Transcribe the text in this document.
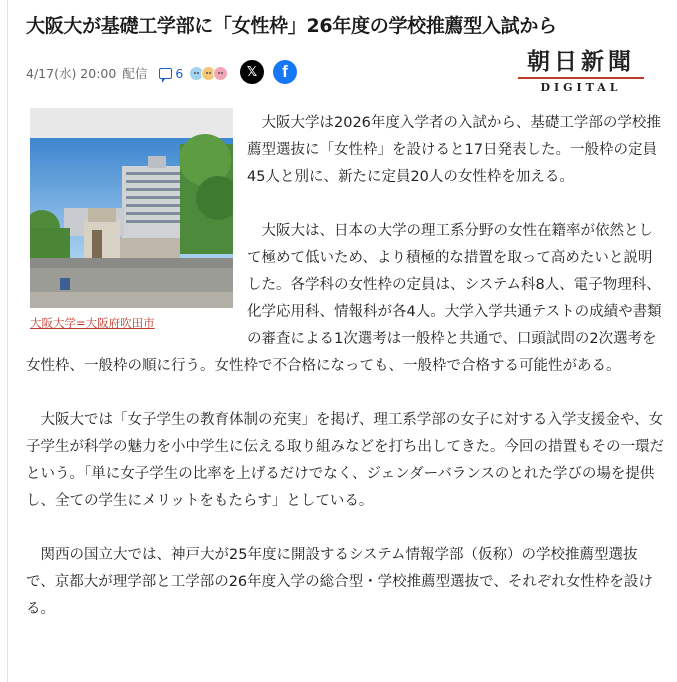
大阪大が基礎工学部に「女性枠」26年度の学校推薦型入試から
4/17(水) 20:00 配信 6	𝕏 f	朝日新聞
DIGITAL
大阪大学=大阪府吹田市

大阪大学は2026年度入学者の入試から、基礎工学部の学校推薦型選抜に「女性枠」を設けると17日発表した。一般枠の定員45人と別に、新たに定員20人の女性枠を加える。

大阪大は、日本の大学の理工系分野の女性在籍率が依然として極めて低いため、より積極的な措置を取って高めたいと説明した。各学科の女性枠の定員は、システム科8人、電子物理科、化学応用科、情報科が各4人。大学入学共通テストの成績や書類の審査による1次選考は一般枠と共通で、口頭試問の2次選考を女性枠、一般枠の順に行う。女性枠で不合格になっても、一般枠で合格する可能性がある。

大阪大では「女子学生の教育体制の充実」を掲げ、理工系学部の女子に対する入学支援金や、女子学生が科学の魅力を小中学生に伝える取り組みなどを打ち出してきた。今回の措置もその一環だという。「単に女子学生の比率を上げるだけでなく、ジェンダーバランスのとれた学びの場を提供し、全ての学生にメリットをもたらす」としている。

関西の国立大では、神戸大が25年度に開設するシステム情報学部（仮称）の学校推薦型選抜で、京都大が理学部と工学部の26年度入学の総合型・学校推薦型選抜で、それぞれ女性枠を設ける。
